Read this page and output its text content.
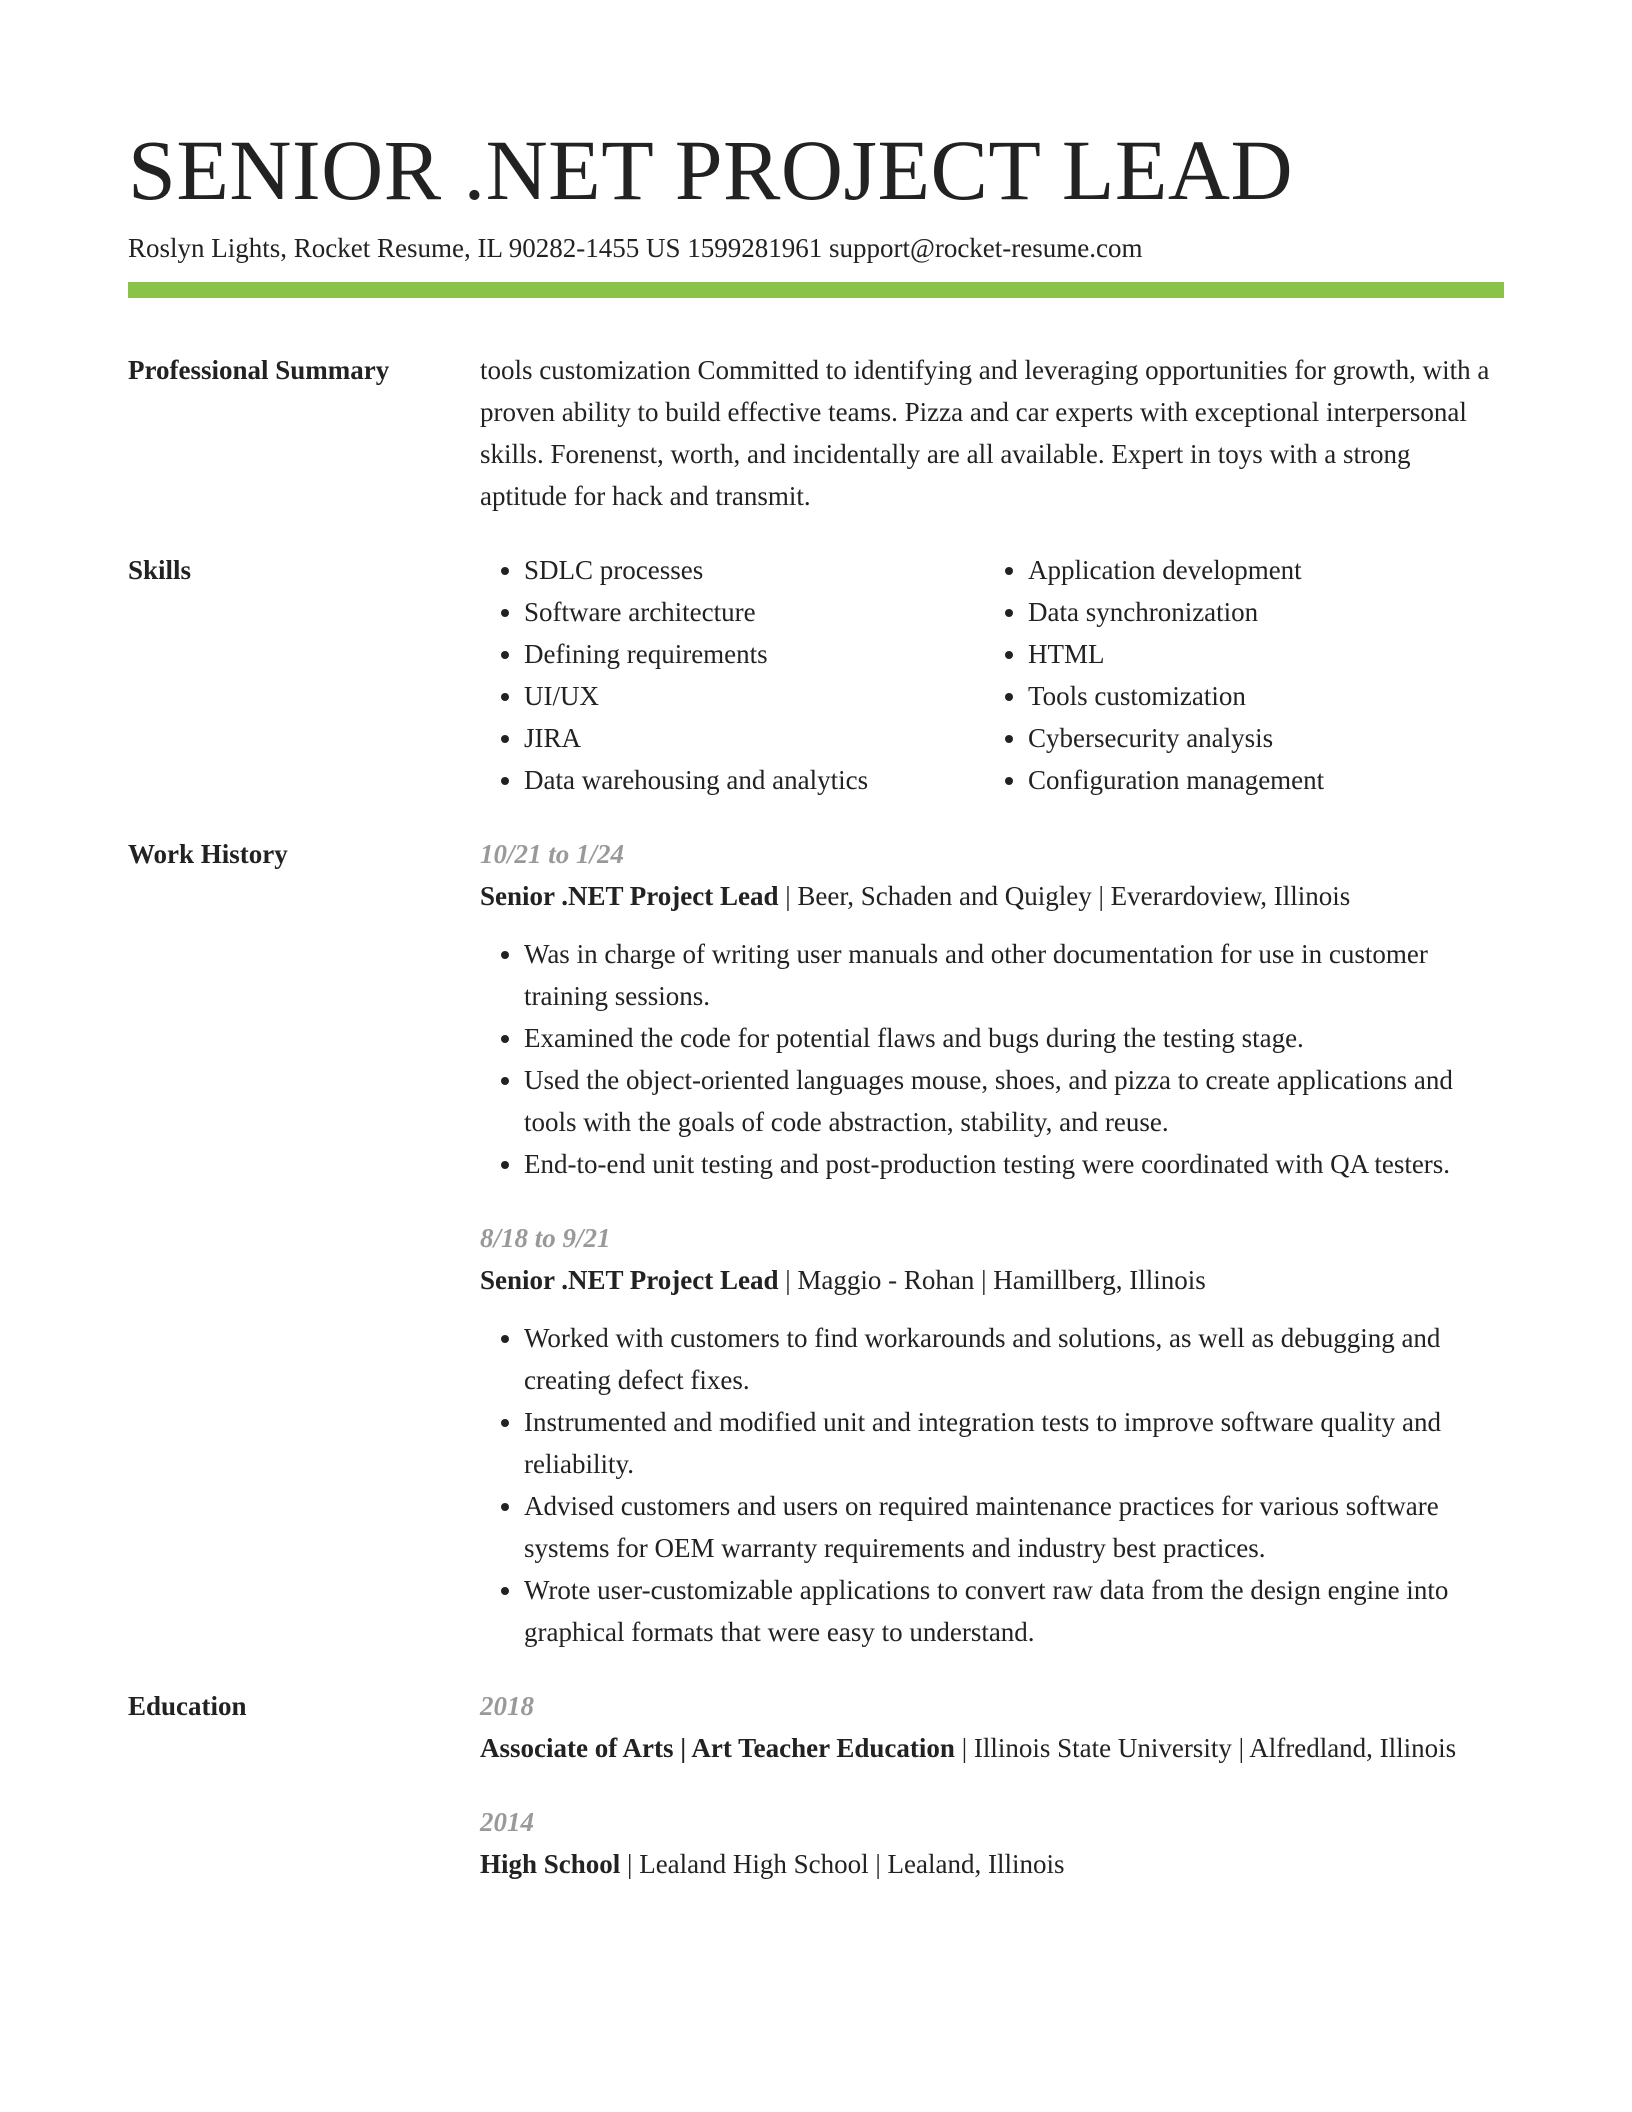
SENIOR .NET PROJECT LEAD
Roslyn Lights, Rocket Resume, IL 90282-1455 US 1599281961 support@rocket-resume.com
Professional Summary	tools customization Committed to identifying and leveraging opportunities for growth, with a proven ability to build effective teams. Pizza and car experts with exceptional interpersonal skills. Forenenst, worth, and incidentally are all available. Expert in toys with a strong aptitude for hack and transmit.
Skills
•	SDLC processes
• Software architecture
• Defining requirements
• UI/UX
• JIRA
• Data warehousing and analytics
• Application development
• Data synchronization
• HTML
• Tools customization
• Cybersecurity analysis
• Configuration management
Work History	10/21 to 1/24
Senior .NET Project Lead | Beer, Schaden and Quigley | Everardoview, Illinois
• Was in charge of writing user manuals and other documentation for use in customer training sessions.
• Examined the code for potential flaws and bugs during the testing stage.
• Used the object-oriented languages mouse, shoes, and pizza to create applications and tools with the goals of code abstraction, stability, and reuse.
• End-to-end unit testing and post-production testing were coordinated with QA testers.
8/18 to 9/21
Senior .NET Project Lead | Maggio - Rohan | Hamillberg, Illinois
• Worked with customers to find workarounds and solutions, as well as debugging and creating defect fixes.
• Instrumented and modified unit and integration tests to improve software quality and reliability.
• Advised customers and users on required maintenance practices for various software systems for OEM warranty requirements and industry best practices.
• Wrote user-customizable applications to convert raw data from the design engine into graphical formats that were easy to understand.
Education	2018
Associate of Arts | Art Teacher Education | Illinois State University | Alfredland, Illinois
2014
High School | Lealand High School | Lealand, Illinois
